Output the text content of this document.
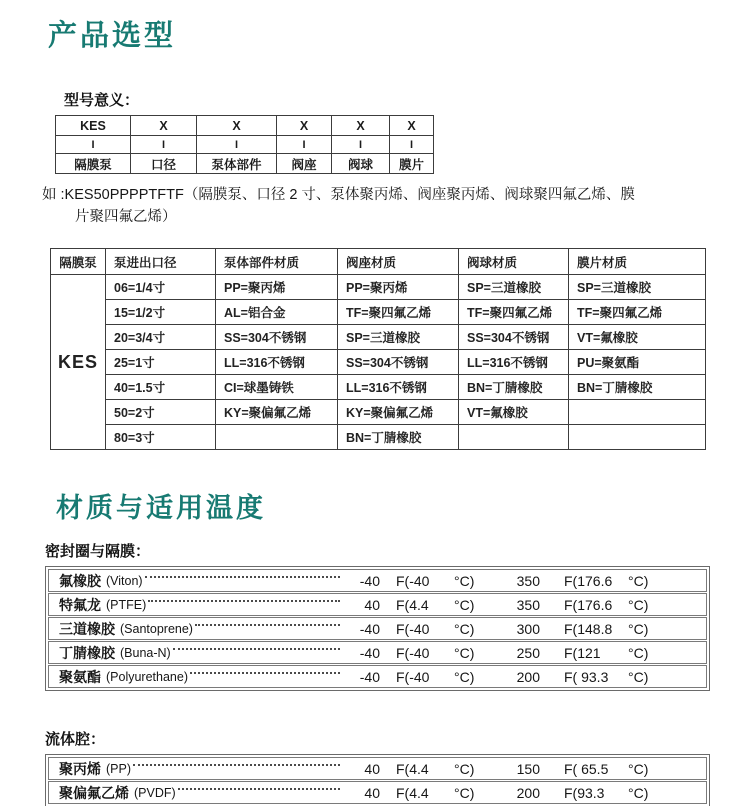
产品选型
型号意义：
KES	X	X	X	X	X
I	I	I	I	I	I
隔膜泵	口径	泵体部件	阀座	阀球	膜片
如 :KES50PPPPTFTF（隔膜泵、口径 2 寸、泵体聚丙烯、阀座聚丙烯、阀球聚四氟乙烯、膜
片聚四氟乙烯）
隔膜泵	泵进出口径	泵体部件材质	阀座材质	阀球材质	膜片材质
KES	06=1/4寸	PP=聚丙烯	PP=聚丙烯	SP=三道橡胶	SP=三道橡胶
	15=1/2寸	AL=铝合金	TF=聚四氟乙烯	TF=聚四氟乙烯	TF=聚四氟乙烯
	20=3/4寸	SS=304不锈钢	SP=三道橡胶	SS=304不锈钢	VT=氟橡胶
	25=1寸	LL=316不锈钢	SS=304不锈钢	LL=316不锈钢	PU=聚氨酯
	40=1.5寸	CI=球墨铸铁	LL=316不锈钢	BN=丁腈橡胶	BN=丁腈橡胶
	50=2寸	KY=聚偏氟乙烯	KY=聚偏氟乙烯	VT=氟橡胶	
	80=3寸		BN=丁腈橡胶		
材质与适用温度
密封圈与隔膜：
氟橡胶 (Viton)	-40 F(-40	°C)	350 F(176.6	°C)
特氟龙 (PTFE)	40 F(4.4	°C)	350 F(176.6	°C)
三道橡胶 (Santoprene)	-40 F(-40	°C)	300 F(148.8	°C)
丁腈橡胶 (Buna-N)	-40 F(-40	°C)	250 F(121	°C)
聚氨酯 (Polyurethane)	-40 F(-40	°C)	200 F( 93.3	°C)
流体腔：
聚丙烯 (PP)	40 F(4.4	°C)	150 F( 65.5	°C)
聚偏氟乙烯 (PVDF)	40 F(4.4	°C)	200 F(93.3	°C)
